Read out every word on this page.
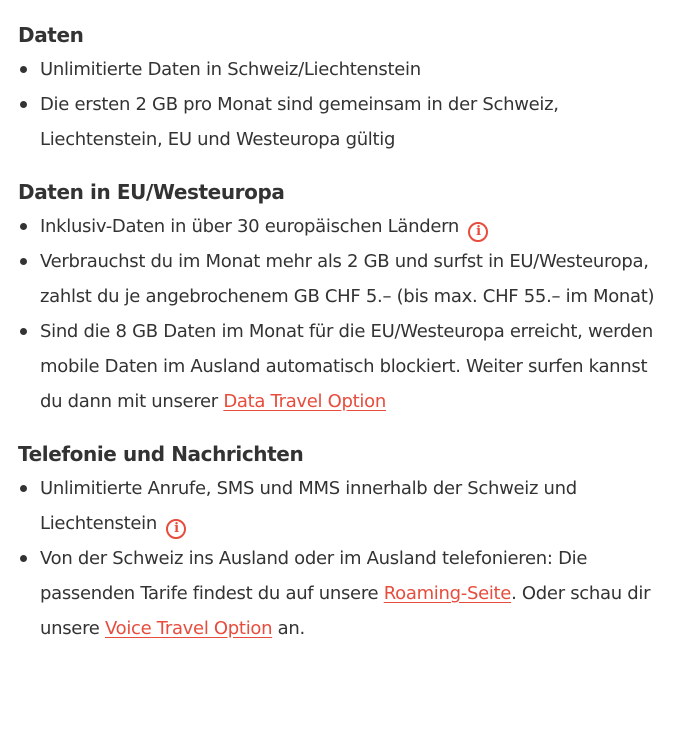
Daten
Unlimitierte Daten in Schweiz/Liechtenstein
Die ersten 2 GB pro Monat sind gemeinsam in der Schweiz, Liechtenstein, EU und Westeuropa gültig
Daten in EU/Westeuropa
Inklusiv-Daten in über 30 europäischen Ländern i
Verbrauchst du im Monat mehr als 2 GB und surfst in EU/Westeuropa, zahlst du je angebrochenem GB CHF 5.– (bis max. CHF 55.– im Monat)
Sind die 8 GB Daten im Monat für die EU/Westeuropa erreicht, werden mobile Daten im Ausland automatisch blockiert. Weiter surfen kannst du dann mit unserer Data Travel Option
Telefonie und Nachrichten
Unlimitierte Anrufe, SMS und MMS innerhalb der Schweiz und Liechtenstein i
Von der Schweiz ins Ausland oder im Ausland telefonieren: Die passenden Tarife findest du auf unsere Roaming-Seite. Oder schau dir unsere Voice Travel Option an.
